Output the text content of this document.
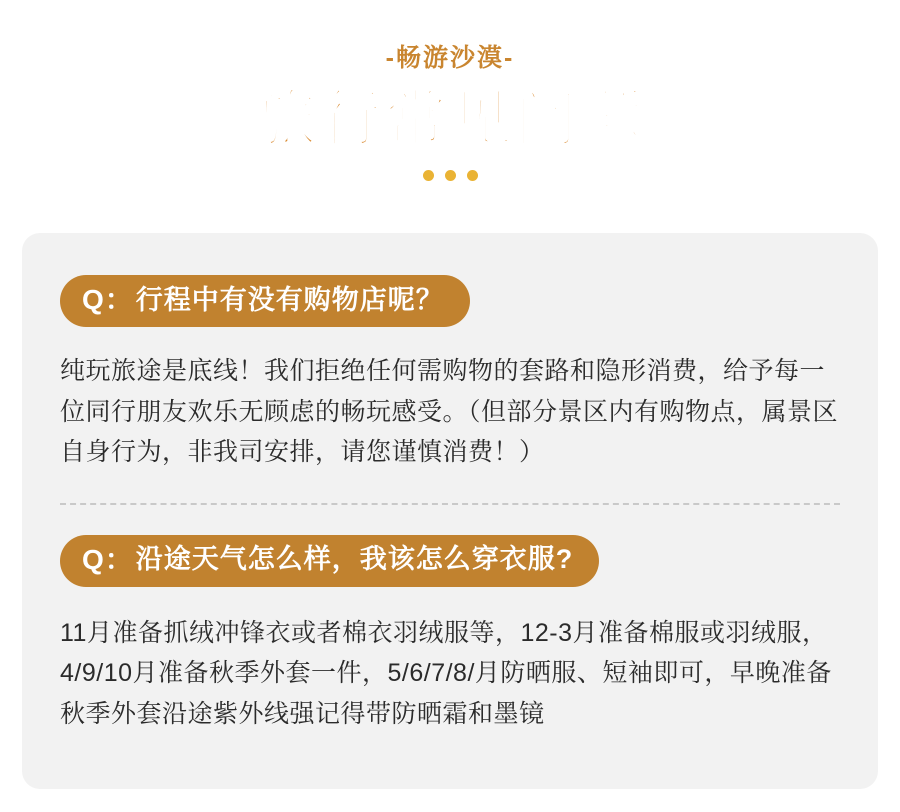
-畅游沙漠-
旅行常见问题
Q： 行程中有没有购物店呢？
纯玩旅途是底线！我们拒绝任何需购物的套路和隐形消费，给予每一位同行朋友欢乐无顾虑的畅玩感受。（但部分景区内有购物点，属景区自身行为，非我司安排，请您谨慎消费！）
Q： 沿途天气怎么样，我该怎么穿衣服?
11月准备抓绒冲锋衣或者棉衣羽绒服等，12-3月准备棉服或羽绒服，4/9/10月准备秋季外套一件，5/6/7/8/月防晒服、短袖即可，早晚准备秋季外套沿途紫外线强记得带防晒霜和墨镜
